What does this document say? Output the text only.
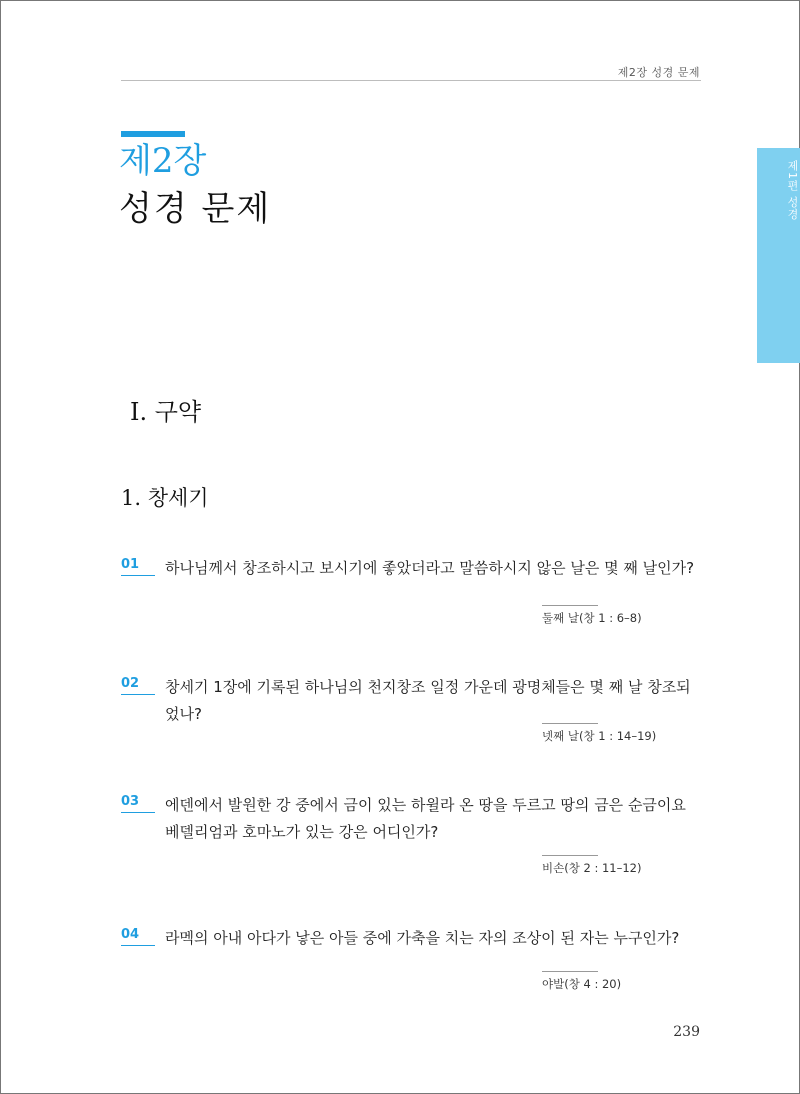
제2장 성경 문제
제1편 성경
제2장
성경 문제
Ⅰ. 구약
1. 창세기
01	하나님께서 창조하시고 보시기에 좋았더라고 말씀하시지 않은 날은 몇 째 날인가?
둘째 날(창 1 : 6–8)
02	창세기 1장에 기록된 하나님의 천지창조 일정 가운데 광명체들은 몇 째 날 창조되었나?
넷째 날(창 1 : 14–19)
03	에덴에서 발원한 강 중에서 금이 있는 하윌라 온 땅을 두르고 땅의 금은 순금이요 베델리엄과 호마노가 있는 강은 어디인가?
비손(창 2 : 11–12)
04	라멕의 아내 아다가 낳은 아들 중에 가축을 치는 자의 조상이 된 자는 누구인가?
야발(창 4 : 20)
239
